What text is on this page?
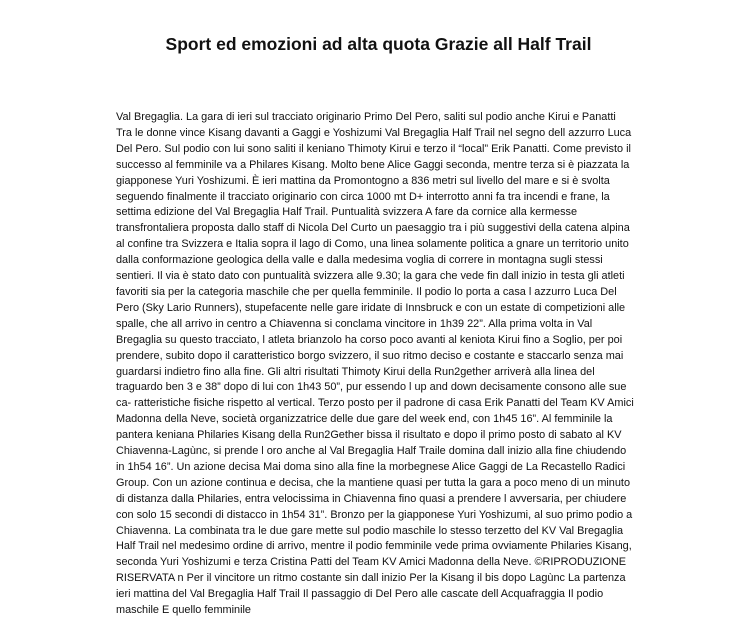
Sport ed emozioni ad alta quota Grazie all Half Trail

Val Bregaglia. La gara di ieri sul tracciato originario Primo Del Pero, saliti sul podio anche Kirui e Panatti Tra le donne vince Kisang davanti a Gaggi e Yoshizumi Val Bregaglia Half Trail nel segno dell azzurro Luca Del Pero. Sul podio con lui sono saliti il keniano Thimoty Kirui e terzo il “local” Erik Panatti. Come previsto il successo al femminile va a Philares Kisang. Molto bene Alice Gaggi seconda, mentre terza si è piazzata la giapponese Yuri Yoshizumi. È ieri mattina da Promontogno a 836 metri sul livello del mare e si è svolta seguendo finalmente il tracciato originario con circa 1000 mt D+ interrotto anni fa tra incendi e frane, la settima edizione del Val Bregaglia Half Trail. Puntualità svizzera A fare da cornice alla kermesse transfrontaliera proposta dallo staff di Nicola Del Curto un paesaggio tra i più suggestivi della catena alpina al confine tra Svizzera e Italia sopra il lago di Como, una linea solamente politica a gnare un territorio unito dalla conformazione geologica della valle e dalla medesima voglia di correre in montagna sugli stessi sentieri. Il via è stato dato con puntualità svizzera alle 9.30; la gara che vede fin dall inizio in testa gli atleti favoriti sia per la categoria maschile che per quella femminile. Il podio lo porta a casa l azzurro Luca Del Pero (Sky Lario Runners), stupefacente nelle gare iridate di Innsbruck e con un estate di competizioni alle spalle, che all arrivo in centro a Chiavenna si conclama vincitore in 1h39 22”. Alla prima volta in Val Bregaglia su questo tracciato, l atleta brianzolo ha corso poco avanti al keniota Kirui fino a Soglio, per poi prendere, subito dopo il caratteristico borgo svizzero, il suo ritmo deciso e costante e staccarlo senza mai guardarsi indietro fino alla fine. Gli altri risultati Thimoty Kirui della Run2gether arriverà alla linea del traguardo ben 3 e 38” dopo di lui con 1h43 50”, pur essendo l up and down decisamente consono alle sue ca- ratteristiche fisiche rispetto al vertical. Terzo posto per il padrone di casa Erik Panatti del Team KV Amici Madonna della Neve, società organizzatrice delle due gare del week end, con 1h45 16”. Al femminile la pantera keniana Philaries Kisang della Run2Gether bissa il risultato e dopo il primo posto di sabato al KV Chiavenna-Lagùnc, si prende l oro anche al Val Bregaglia Half Traile domina dall inizio alla fine chiudendo in 1h54 16”. Un azione decisa Mai doma sino alla fine la morbegnese Alice Gaggi de La Recastello Radici Group. Con un azione continua e decisa, che la mantiene quasi per tutta la gara a poco meno di un minuto di distanza dalla Philaries, entra velocissima in Chiavenna fino quasi a prendere l avversaria, per chiudere con solo 15 secondi di distacco in 1h54 31”. Bronzo per la giapponese Yuri Yoshizumi, al suo primo podio a Chiavenna. La combinata tra le due gare mette sul podio maschile lo stesso terzetto del KV Val Bregaglia Half Trail nel medesimo ordine di arrivo, mentre il podio femminile vede prima ovviamente Philaries Kisang, seconda Yuri Yoshizumi e terza Cristina Patti del Team KV Amici Madonna della Neve. ©RIPRODUZIONE RISERVATA n Per il vincitore un ritmo costante sin dall inizio Per la Kisang il bis dopo Lagùnc La partenza ieri mattina del Val Bregaglia Half Trail Il passaggio di Del Pero alle cascate dell Acquafraggia Il podio maschile E quello femminile
